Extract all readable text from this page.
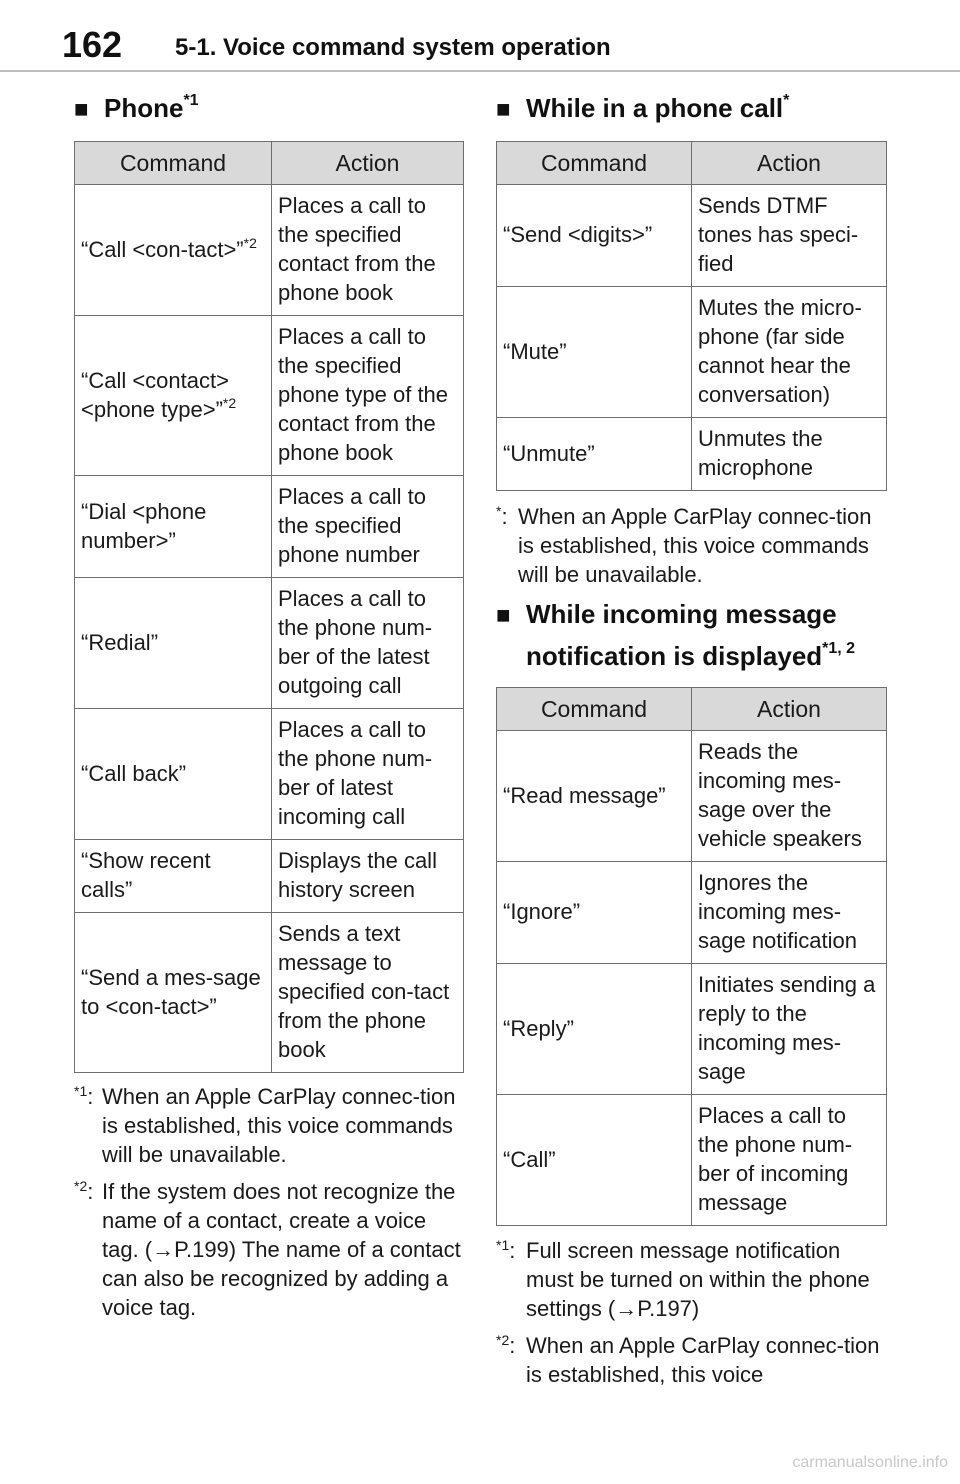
162 5-1. Voice command system operation
■ Phone$^{*1}$
Command	Action
“Call <con-tact>”$^{*2}$	Places a call to the specified contact from the phone book
“Call <contact> <phone type>”$^{*2}$	Places a call to the specified phone type of the contact from the phone book
“Dial <phone number>”	Places a call to the specified phone number
“Redial”	Places a call to the phone num-ber of the latest outgoing call
“Call back”	Places a call to the phone num-ber of latest incoming call
“Show recent calls”	Displays the call history screen
“Send a mes-sage to <con-tact>”	Sends a text message to specified con-tact from the phone book
$^{*1}$: When an Apple CarPlay connec-tion is established, this voice commands will be unavailable.
$^{*2}$: If the system does not recognize the name of a contact, create a voice tag. (→P.199) The name of a contact can also be recognized by adding a voice tag.
■ While in a phone call*
Command	Action
“Send <digits>”	Sends DTMF tones has speci-fied
“Mute”	Mutes the micro-phone (far side cannot hear the conversation)
“Unmute”	Unmutes the microphone
*: When an Apple CarPlay connec-tion is established, this voice commands will be unavailable.
■ While incoming message
notification is displayed$^{*1, 2}$
Command	Action
“Read message”	Reads the incoming mes-sage over the vehicle speakers
“Ignore”	Ignores the incoming mes-sage notification
“Reply”	Initiates sending a reply to the incoming mes-sage
“Call”	Places a call to the phone num-ber of incoming message
$^{*1}$: Full screen message notification must be turned on within the phone settings (→P.197)
$^{*2}$: When an Apple CarPlay connec-tion is established, this voice
carmanualsonline.info
